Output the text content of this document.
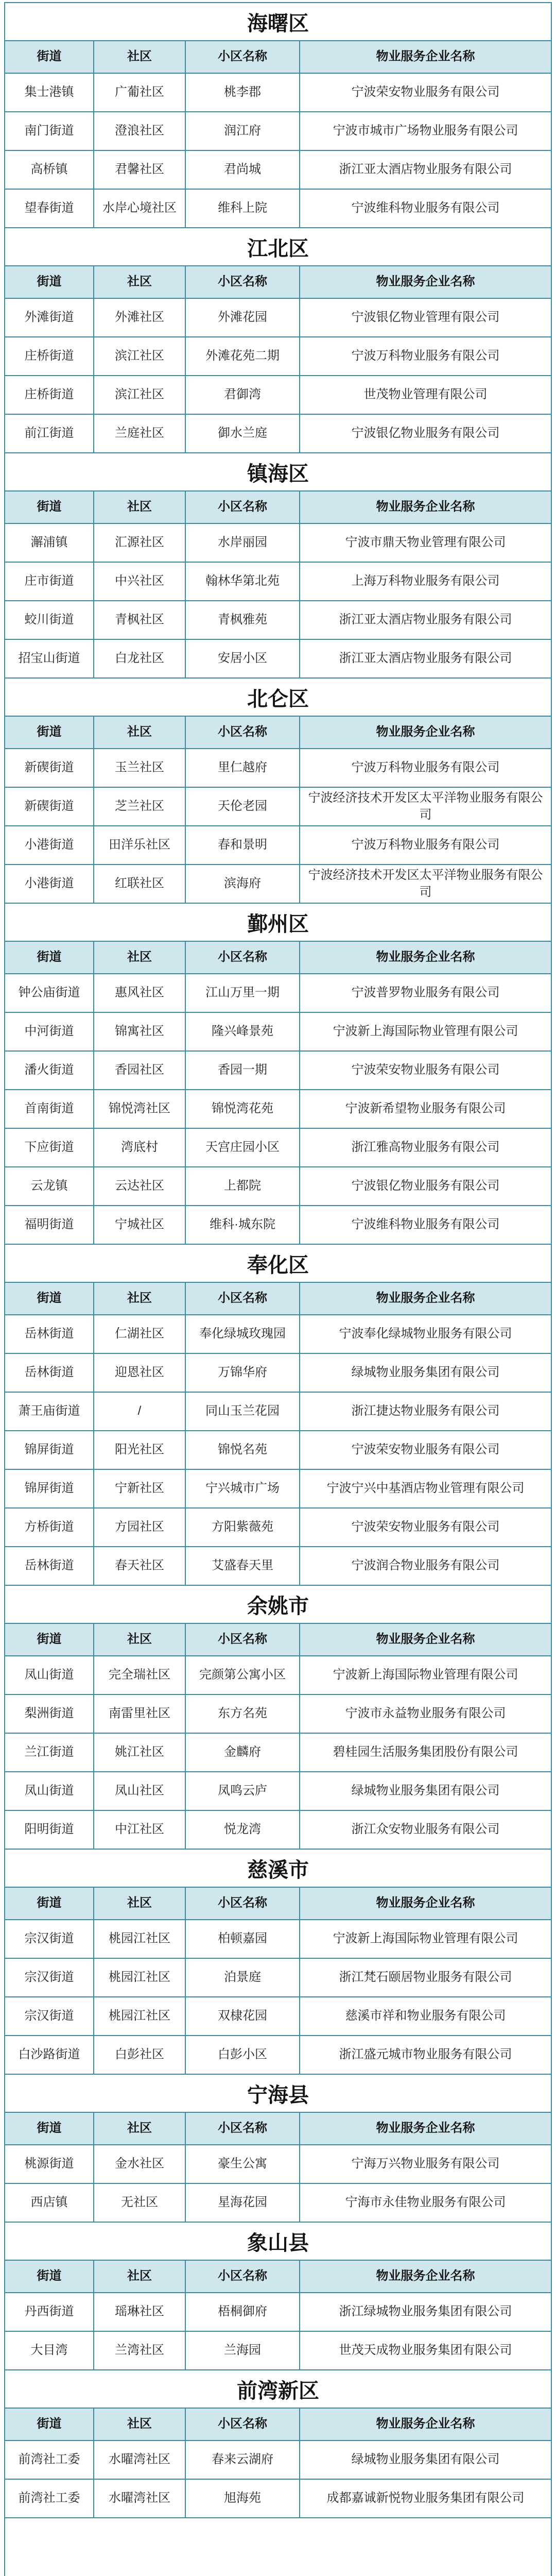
海曙区
街道	社区	小区名称	物业服务企业名称
集士港镇	广葡社区	桃李郡	宁波荣安物业服务有限公司
南门街道	澄浪社区	润江府	宁波市城市广场物业服务有限公司
高桥镇	君馨社区	君尚城	浙江亚太酒店物业服务有限公司
望春街道	水岸心境社区	维科上院	宁波维科物业服务有限公司
江北区
街道	社区	小区名称	物业服务企业名称
外滩街道	外滩社区	外滩花园	宁波银亿物业管理有限公司
庄桥街道	滨江社区	外滩花苑二期	宁波万科物业服务有限公司
庄桥街道	滨江社区	君御湾	世茂物业管理有限公司
前江街道	兰庭社区	御水兰庭	宁波银亿物业服务有限公司
镇海区
街道	社区	小区名称	物业服务企业名称
澥浦镇	汇源社区	水岸丽园	宁波市鼎天物业管理有限公司
庄市街道	中兴社区	翰林华第北苑	上海万科物业服务有限公司
蛟川街道	青枫社区	青枫雅苑	浙江亚太酒店物业服务有限公司
招宝山街道	白龙社区	安居小区	浙江亚太酒店物业服务有限公司
北仑区
街道	社区	小区名称	物业服务企业名称
新碶街道	玉兰社区	里仁越府	宁波万科物业服务有限公司
新碶街道	芝兰社区	天伦老园	宁波经济技术开发区太平洋物业服务有限公司
小港街道	田洋乐社区	春和景明	宁波万科物业服务有限公司
小港街道	红联社区	滨海府	宁波经济技术开发区太平洋物业服务有限公司
鄞州区
街道	社区	小区名称	物业服务企业名称
钟公庙街道	惠风社区	江山万里一期	宁波普罗物业服务有限公司
中河街道	锦寓社区	隆兴峰景苑	宁波新上海国际物业管理有限公司
潘火街道	香园社区	香园一期	宁波荣安物业服务有限公司
首南街道	锦悦湾社区	锦悦湾花苑	宁波新希望物业服务有限公司
下应街道	湾底村	天宫庄园小区	浙江雅高物业服务有限公司
云龙镇	云达社区	上都院	宁波银亿物业服务有限公司
福明街道	宁城社区	维科·城东院	宁波维科物业服务有限公司
奉化区
街道	社区	小区名称	物业服务企业名称
岳林街道	仁湖社区	奉化绿城玫瑰园	宁波奉化绿城物业服务有限公司
岳林街道	迎恩社区	万锦华府	绿城物业服务集团有限公司
萧王庙街道	/	同山玉兰花园	浙江捷达物业服务有限公司
锦屏街道	阳光社区	锦悦名苑	宁波荣安物业服务有限公司
锦屏街道	宁新社区	宁兴城市广场	宁波宁兴中基酒店物业管理有限公司
方桥街道	方园社区	方阳紫薇苑	宁波荣安物业服务有限公司
岳林街道	春天社区	艾盛春天里	宁波润合物业服务有限公司
余姚市
街道	社区	小区名称	物业服务企业名称
凤山街道	完全瑞社区	完颜第公寓小区	宁波新上海国际物业管理有限公司
梨洲街道	南雷里社区	东方名苑	宁波市永益物业服务有限公司
兰江街道	姚江社区	金麟府	碧桂园生活服务集团股份有限公司
凤山街道	凤山社区	凤鸣云庐	绿城物业服务集团有限公司
阳明街道	中江社区	悦龙湾	浙江众安物业服务有限公司
慈溪市
街道	社区	小区名称	物业服务企业名称
宗汉街道	桃园江社区	柏顿嘉园	宁波新上海国际物业管理有限公司
宗汉街道	桃园江社区	泊景庭	浙江梵石颐居物业服务有限公司
宗汉街道	桃园江社区	双棣花园	慈溪市祥和物业服务有限公司
白沙路街道	白彭社区	白彭小区	浙江盛元城市物业服务有限公司
宁海县
街道	社区	小区名称	物业服务企业名称
桃源街道	金水社区	豪生公寓	宁海万兴物业服务有限公司
西店镇	无社区	星海花园	宁海市永佳物业服务有限公司
象山县
街道	社区	小区名称	物业服务企业名称
丹西街道	瑶琳社区	梧桐御府	浙江绿城物业服务集团有限公司
大目湾	兰湾社区	兰海园	世茂天成物业服务集团有限公司
前湾新区
街道	社区	小区名称	物业服务企业名称
前湾社工委	水曜湾社区	春来云湖府	绿城物业服务集团有限公司
前湾社工委	水曜湾社区	旭海苑	成都嘉诚新悦物业服务集团有限公司
